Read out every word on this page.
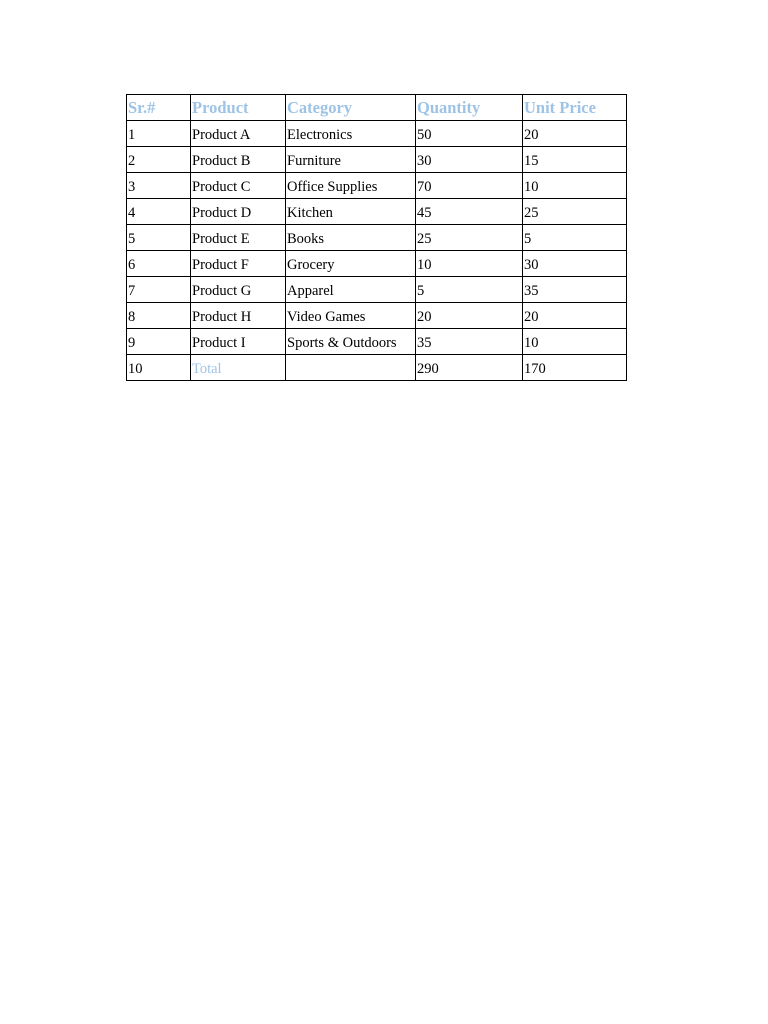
Sr.#	Product	Category	Quantity	Unit Price
1	Product A	Electronics	50	20
2	Product B	Furniture	30	15
3	Product C	Office Supplies	70	10
4	Product D	Kitchen	45	25
5	Product E	Books	25	5
6	Product F	Grocery	10	30
7	Product G	Apparel	5	35
8	Product H	Video Games	20	20
9	Product I	Sports & Outdoors	35	10
10	Total		290	170
